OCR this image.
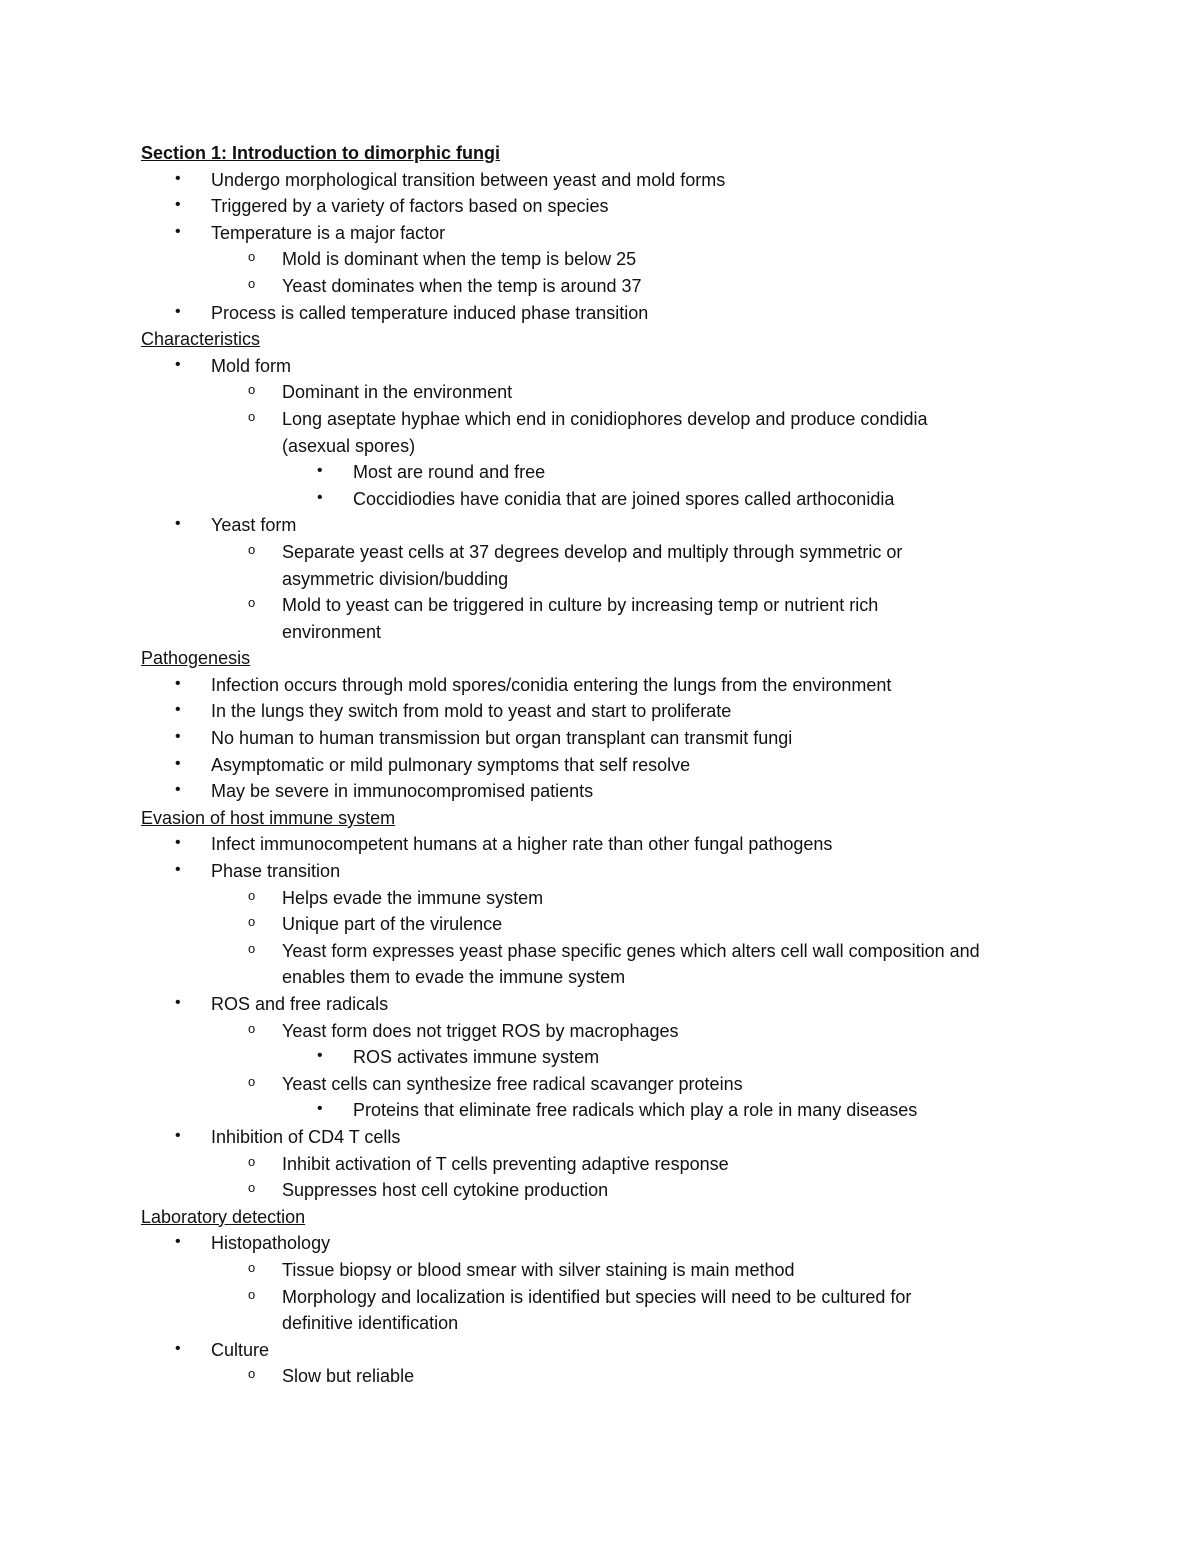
Section 1: Introduction to dimorphic fungi
• Undergo morphological transition between yeast and mold forms
• Triggered by a variety of factors based on species
• Temperature is a major factor
o Mold is dominant when the temp is below 25
o Yeast dominates when the temp is around 37
• Process is called temperature induced phase transition
Characteristics
• Mold form
o Dominant in the environment
o Long aseptate hyphae which end in conidiophores develop and produce condidia
(asexual spores)
• Most are round and free
• Coccidiodies have conidia that are joined spores called arthoconidia
• Yeast form
o Separate yeast cells at 37 degrees develop and multiply through symmetric or
asymmetric division/budding
o Mold to yeast can be triggered in culture by increasing temp or nutrient rich
environment
Pathogenesis
• Infection occurs through mold spores/conidia entering the lungs from the environment
• In the lungs they switch from mold to yeast and start to proliferate
• No human to human transmission but organ transplant can transmit fungi
• Asymptomatic or mild pulmonary symptoms that self resolve
• May be severe in immunocompromised patients
Evasion of host immune system
• Infect immunocompetent humans at a higher rate than other fungal pathogens
• Phase transition
o Helps evade the immune system
o Unique part of the virulence
o Yeast form expresses yeast phase specific genes which alters cell wall composition and
enables them to evade the immune system
• ROS and free radicals
o Yeast form does not trigget ROS by macrophages
• ROS activates immune system
o Yeast cells can synthesize free radical scavanger proteins
• Proteins that eliminate free radicals which play a role in many diseases
• Inhibition of CD4 T cells
o Inhibit activation of T cells preventing adaptive response
o Suppresses host cell cytokine production
Laboratory detection
• Histopathology
o Tissue biopsy or blood smear with silver staining is main method
o Morphology and localization is identified but species will need to be cultured for
definitive identification
• Culture
o Slow but reliable
